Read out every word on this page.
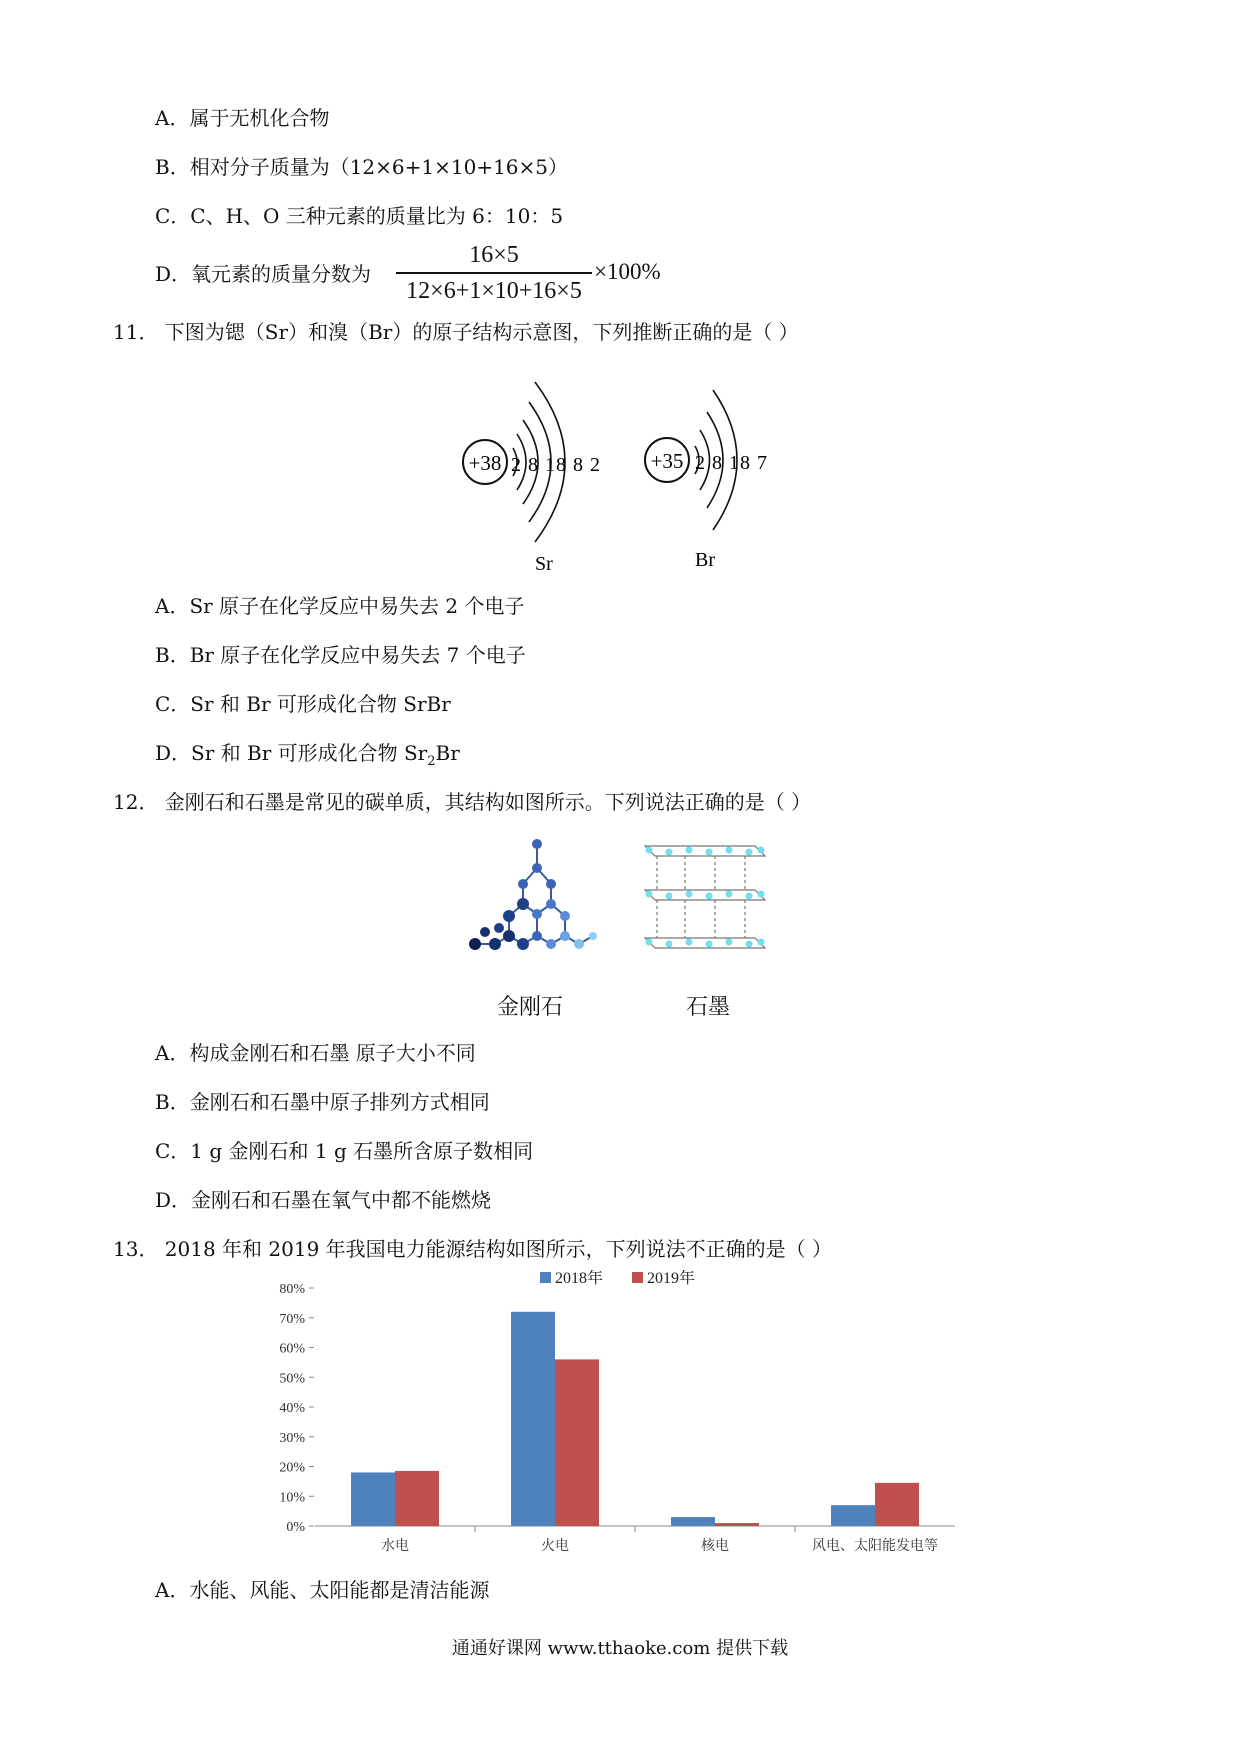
A．属于无机化合物
B．相对分子质量为（12×6+1×10+16×5）
C．C、H、O 三种元素的质量比为 6：10：5
D．氧元素的质量分数为
16×5
12×6+1×10+16×5
×100%
11． 下图为锶（Sr）和溴（Br）的原子结构示意图，下列推断正确的是（ ）
+38 2 8 18 8 2
Sr
+35 2 8 18 7
Br
A．Sr 原子在化学反应中易失去 2 个电子
B．Br 原子在化学反应中易失去 7 个电子
C．Sr 和 Br 可形成化合物 SrBr
D．Sr 和 Br 可形成化合物 $Sr_2Br$
12． 金刚石和石墨是常见的碳单质，其结构如图所示。下列说法正确的是（ ）
金刚石	石墨
A．构成金刚石和石墨 原子大小不同
B．金刚石和石墨中原子排列方式相同
C．1 g 金刚石和 1 g 石墨所含原子数相同
D．金刚石和石墨在氧气中都不能燃烧
13． 2018 年和 2019 年我国电力能源结构如图所示，下列说法不正确的是（ ）
0%
10%
20%
30%
40%
50%
60%
70%
80%
水电	火电	核电	风电、太阳能发电等
2018年	2019年
A．水能、风能、太阳能都是清洁能源
通通好课网 www.tthaoke.com 提供下载
